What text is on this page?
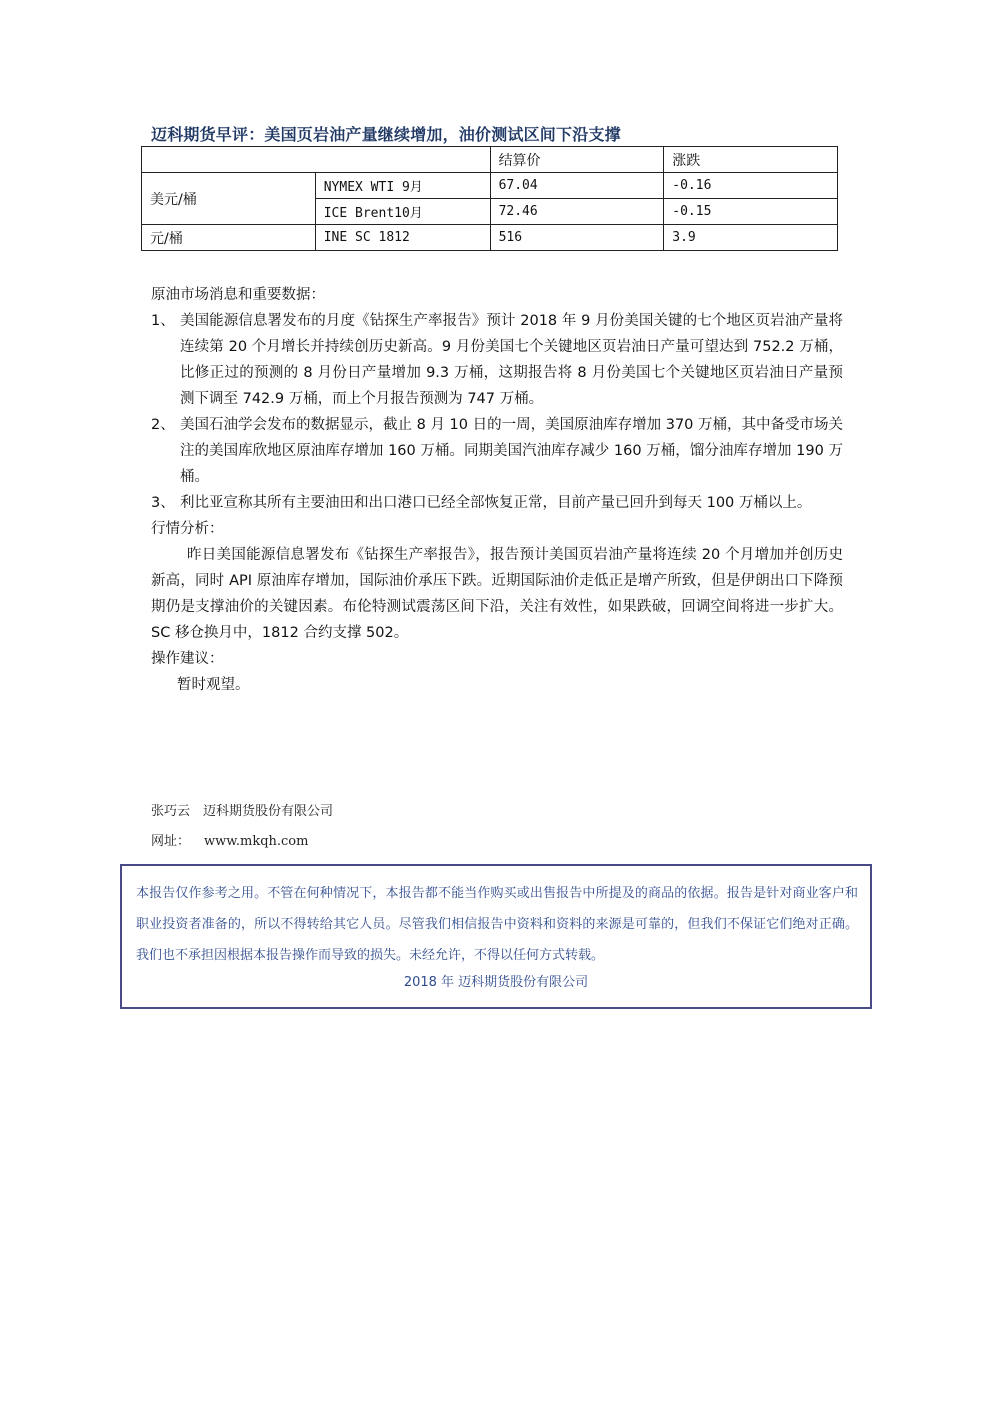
迈科期货早评：美国页岩油产量继续增加，油价测试区间下沿支撑
		结算价	涨跌
美元/桶	NYMEX WTI 9月	67.04	-0.16
	ICE Brent10月	72.46	-0.15
元/桶	INE SC 1812	516	3.9

原油市场消息和重要数据：

1、 美国能源信息署发布的月度《钻探生产率报告》预计 2018 年 9 月份美国关键的七个地区页岩油产量将连续第 20 个月增长并持续创历史新高。9 月份美国七个关键地区页岩油日产量可望达到 752.2 万桶，比修正过的预测的 8 月份日产量增加 9.3 万桶，这期报告将 8 月份美国七个关键地区页岩油日产量预测下调至 742.9 万桶，而上个月报告预测为 747 万桶。

2、 美国石油学会发布的数据显示，截止 8 月 10 日的一周，美国原油库存增加 370 万桶，其中备受市场关注的美国库欣地区原油库存增加 160 万桶。同期美国汽油库存减少 160 万桶，馏分油库存增加 190 万桶。

3、 利比亚宣称其所有主要油田和出口港口已经全部恢复正常，目前产量已回升到每天 100 万桶以上。

行情分析：

昨日美国能源信息署发布《钻探生产率报告》，报告预计美国页岩油产量将连续 20 个月增加并创历史新高，同时 API 原油库存增加，国际油价承压下跌。近期国际油价走低正是增产所致，但是伊朗出口下降预期仍是支撑油价的关键因素。布伦特测试震荡区间下沿，关注有效性，如果跌破，回调空间将进一步扩大。SC 移仓换月中，1812 合约支撑 502。

操作建议：

暂时观望。

张巧云　迈科期货股份有限公司
网址： www.mkqh.com
本报告仅作参考之用。不管在何种情况下，本报告都不能当作购买或出售报告中所提及的商品的依据。报告是针对商业客户和职业投资者准备的，所以不得转给其它人员。尽管我们相信报告中资料和资料的来源是可靠的，但我们不保证它们绝对正确。我们也不承担因根据本报告操作而导致的损失。未经允许，不得以任何方式转载。
2018 年 迈科期货股份有限公司
